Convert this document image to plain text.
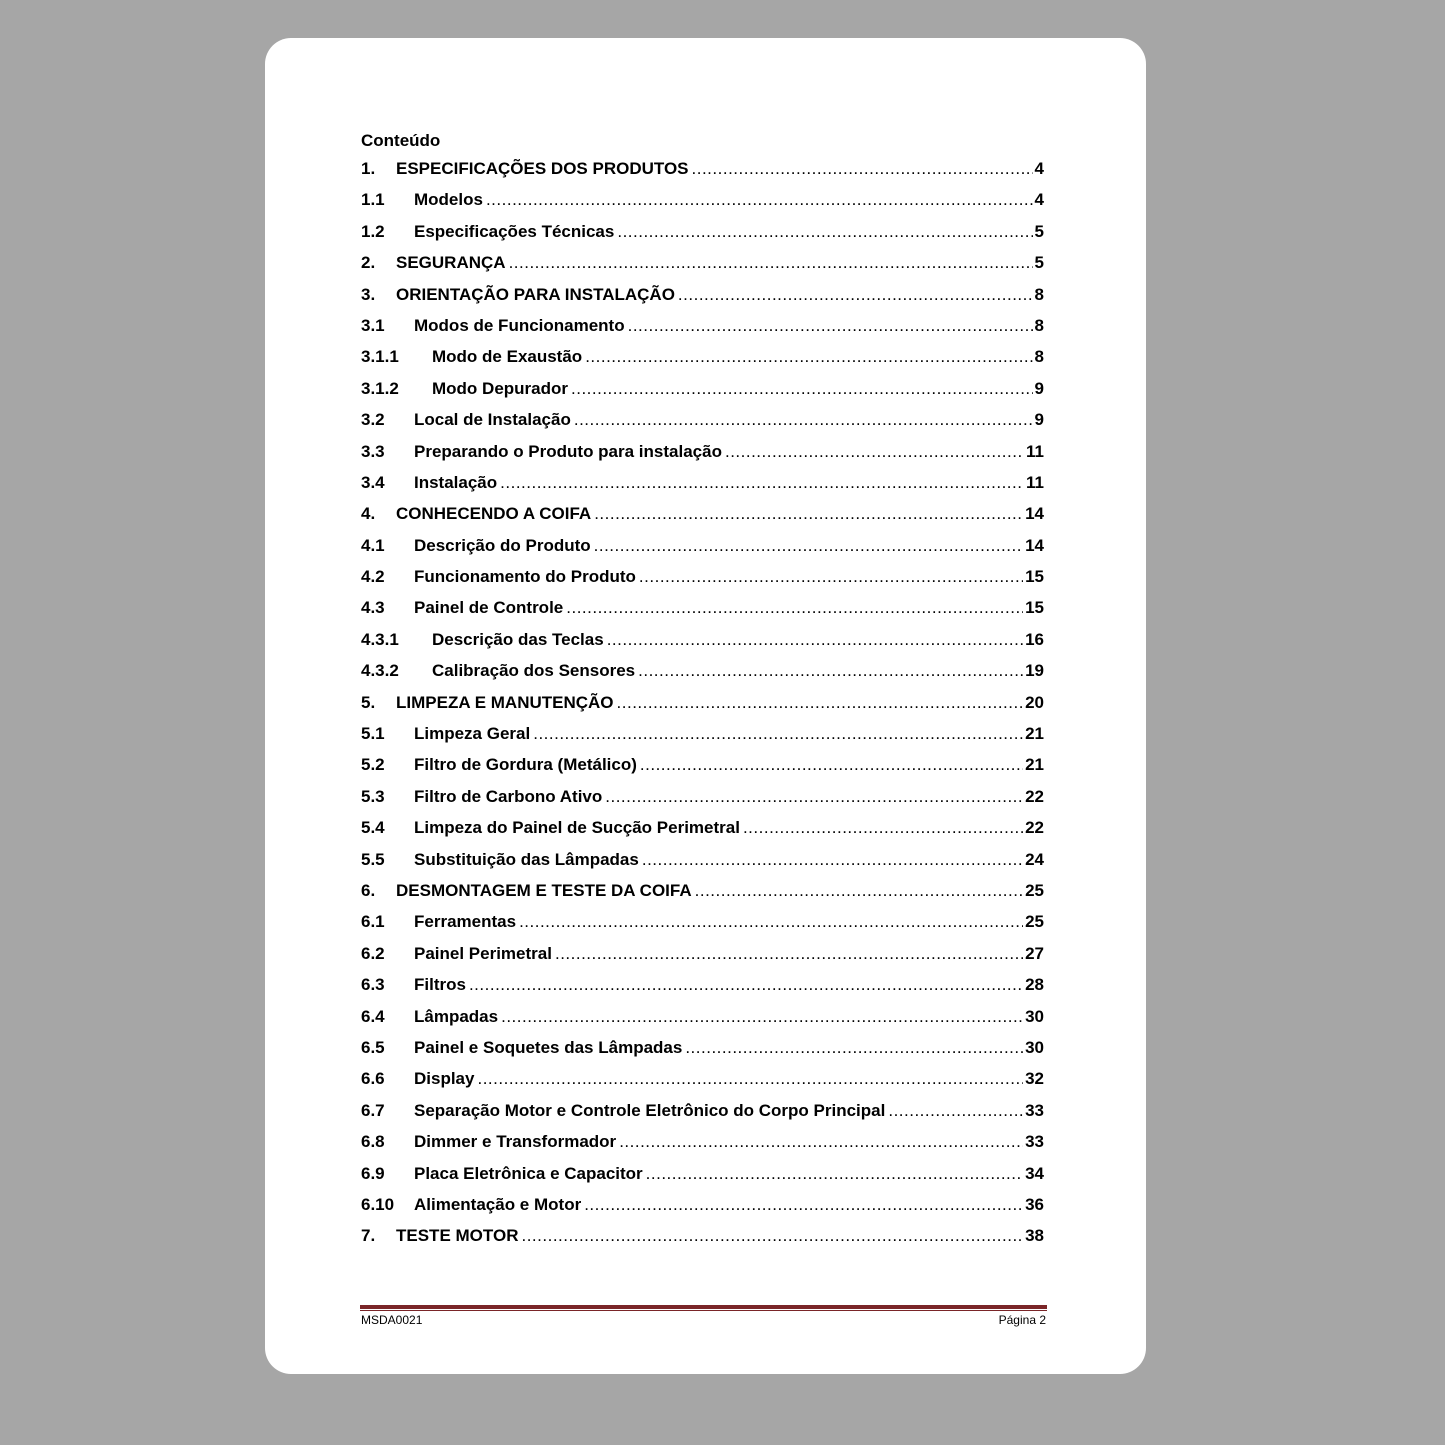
Conteúdo
1.	ESPECIFICAÇÕES DOS PRODUTOS .....	4
1.1	Modelos .....	4
1.2	Especificações Técnicas .....	5
2.	SEGURANÇA .....	5
3.	ORIENTAÇÃO PARA INSTALAÇÃO .....	8
3.1	Modos de Funcionamento .....	8
3.1.1	Modo de Exaustão .....	8
3.1.2	Modo Depurador .....	9
3.2	Local de Instalação .....	9
3.3	Preparando o Produto para instalação .....	11
3.4	Instalação .....	11
4.	CONHECENDO A COIFA .....	14
4.1	Descrição do Produto .....	14
4.2	Funcionamento do Produto .....	15
4.3	Painel de Controle .....	15
4.3.1	Descrição das Teclas .....	16
4.3.2	Calibração dos Sensores .....	19
5.	LIMPEZA E MANUTENÇÃO .....	20
5.1	Limpeza Geral .....	21
5.2	Filtro de Gordura (Metálico) .....	21
5.3	Filtro de Carbono Ativo .....	22
5.4	Limpeza do Painel de Sucção Perimetral .....	22
5.5	Substituição das Lâmpadas .....	24
6.	DESMONTAGEM E TESTE DA COIFA .....	25
6.1	Ferramentas .....	25
6.2	Painel Perimetral .....	27
6.3	Filtros .....	28
6.4	Lâmpadas .....	30
6.5	Painel e Soquetes das Lâmpadas .....	30
6.6	Display .....	32
6.7	Separação Motor e Controle Eletrônico do Corpo Principal .....	33
6.8	Dimmer e Transformador .....	33
6.9	Placa Eletrônica e Capacitor .....	34
6.10	Alimentação e Motor .....	36
7.	TESTE MOTOR .....	38
MSDA0021	Página 2
